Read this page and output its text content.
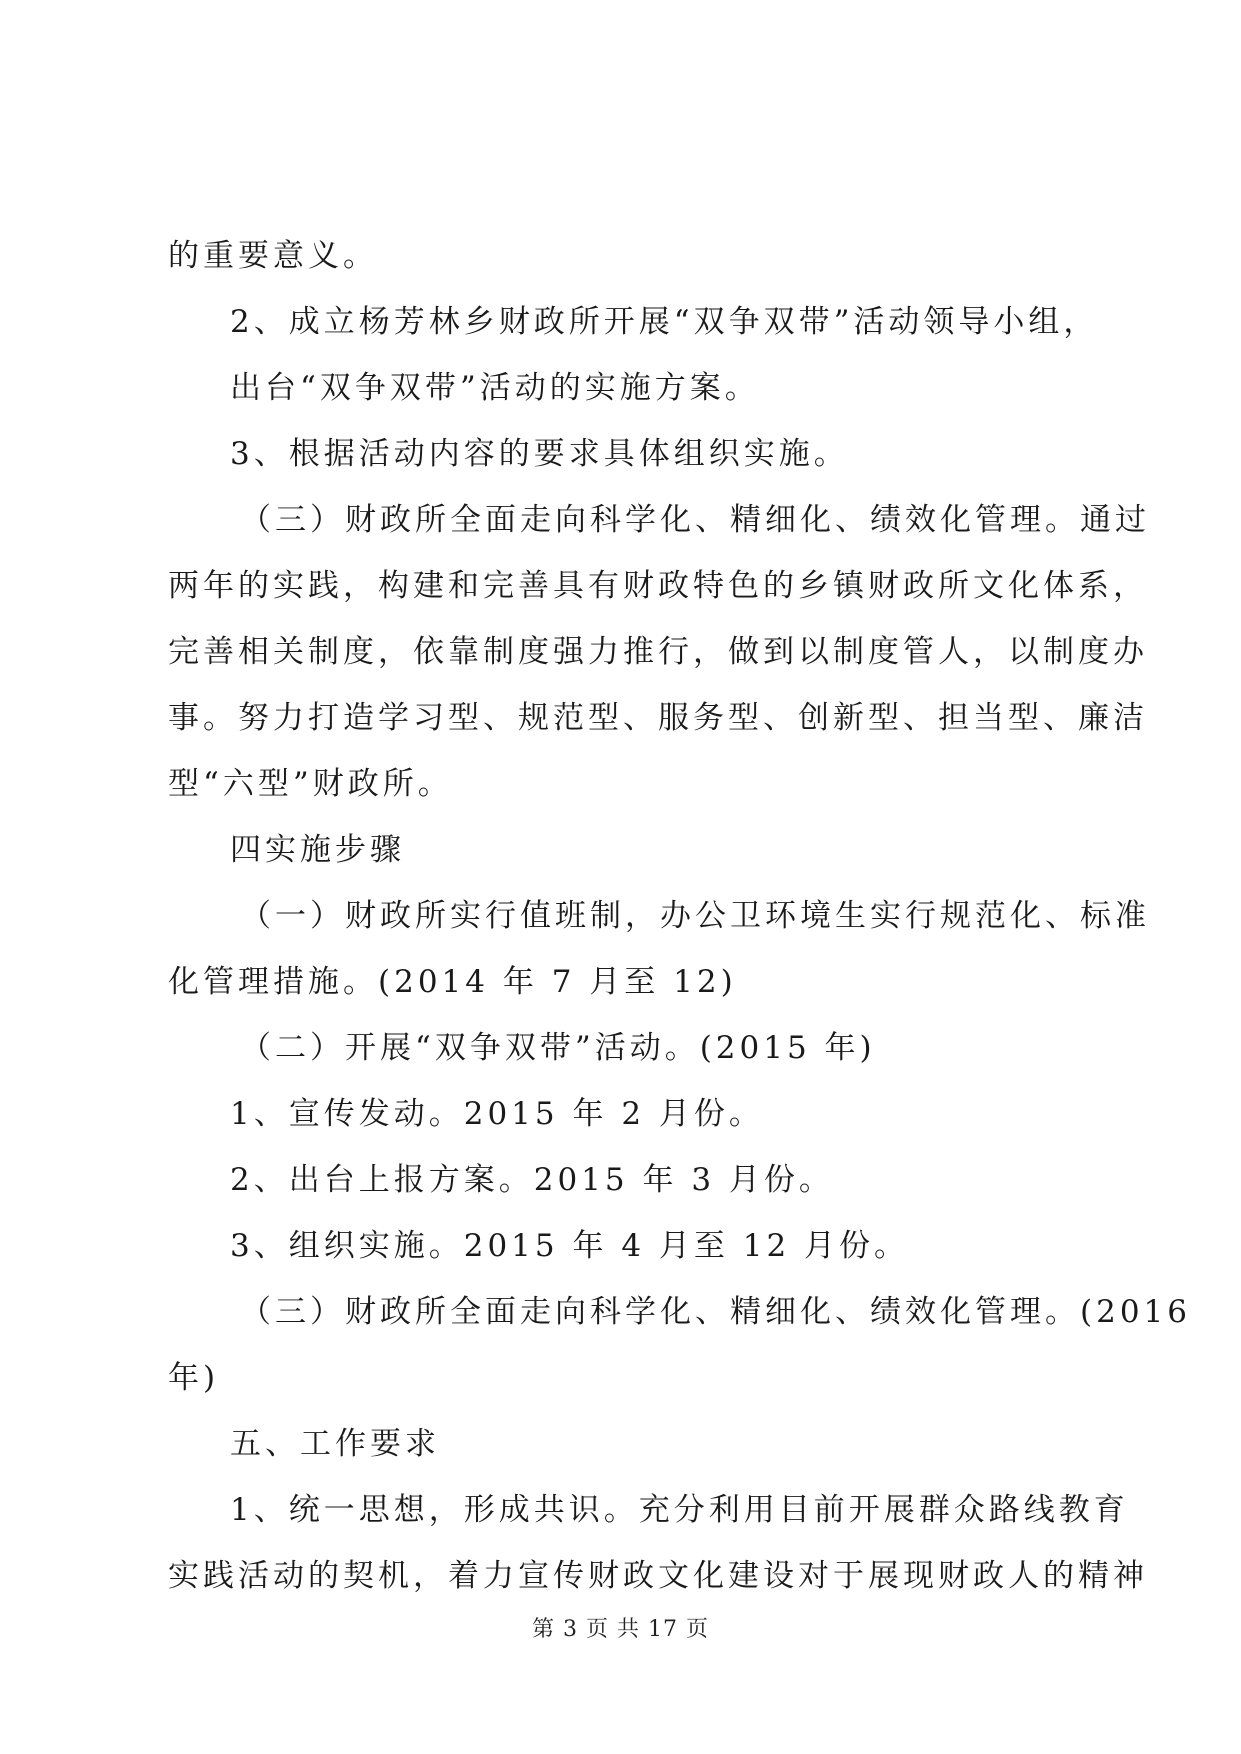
的重要意义。
2、成立杨芳林乡财政所开展“双争双带”活动领导小组，
出台“双争双带”活动的实施方案。
3、根据活动内容的要求具体组织实施。
（三）财政所全面走向科学化、精细化、绩效化管理。通过
两年的实践，构建和完善具有财政特色的乡镇财政所文化体系，
完善相关制度，依靠制度强力推行，做到以制度管人，以制度办
事。努力打造学习型、规范型、服务型、创新型、担当型、廉洁
型“六型”财政所。
四实施步骤
（一）财政所实行值班制，办公卫环境生实行规范化、标准
化管理措施。(2014 年 7 月至 12)
（二）开展“双争双带”活动。(2015 年)
1、宣传发动。2015 年 2 月份。
2、出台上报方案。2015 年 3 月份。
3、组织实施。2015 年 4 月至 12 月份。
（三）财政所全面走向科学化、精细化、绩效化管理。(2016
年)
五、工作要求
1、统一思想，形成共识。充分利用目前开展群众路线教育
实践活动的契机，着力宣传财政文化建设对于展现财政人的精神
第 3 页 共 17 页
